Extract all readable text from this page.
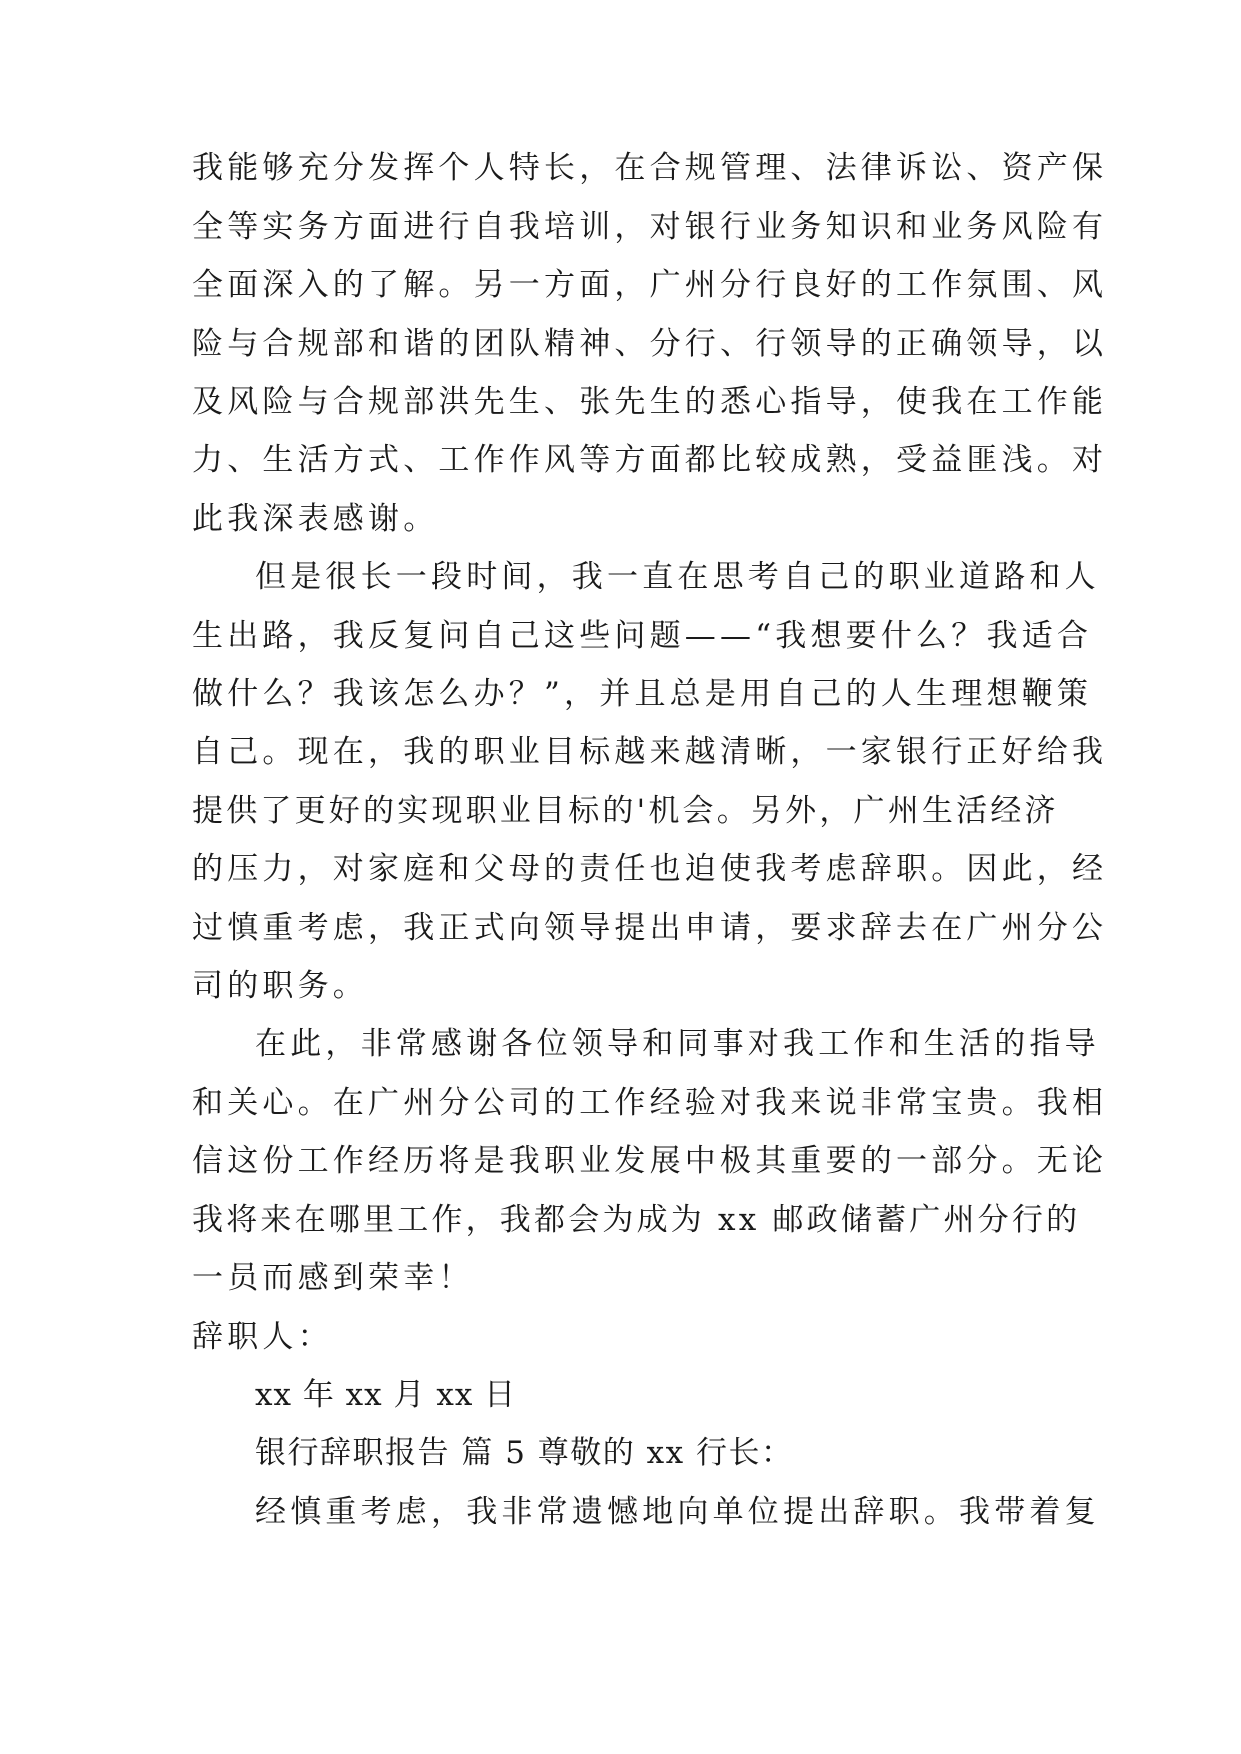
我能够充分发挥个人特长，在合规管理、法律诉讼、资产保
全等实务方面进行自我培训，对银行业务知识和业务风险有
全面深入的了解。另一方面，广州分行良好的工作氛围、风
险与合规部和谐的团队精神、分行、行领导的正确领导，以
及风险与合规部洪先生、张先生的悉心指导，使我在工作能
力、生活方式、工作作风等方面都比较成熟，受益匪浅。对
此我深表感谢。
但是很长一段时间，我一直在思考自己的职业道路和人
生出路，我反复问自己这些问题——“我想要什么？我适合
做什么？我该怎么办？”，并且总是用自己的人生理想鞭策
自己。现在，我的职业目标越来越清晰，一家银行正好给我
提供了更好的实现职业目标的'机会。另外，广州生活经济
的压力，对家庭和父母的责任也迫使我考虑辞职。因此，经
过慎重考虑，我正式向领导提出申请，要求辞去在广州分公
司的职务。
在此，非常感谢各位领导和同事对我工作和生活的指导
和关心。在广州分公司的工作经验对我来说非常宝贵。我相
信这份工作经历将是我职业发展中极其重要的一部分。无论
我将来在哪里工作，我都会为成为 xx 邮政储蓄广州分行的
一员而感到荣幸！
辞职人：
xx 年 xx 月 xx 日
银行辞职报告 篇 5 尊敬的 xx 行长：
经慎重考虑，我非常遗憾地向单位提出辞职。我带着复
